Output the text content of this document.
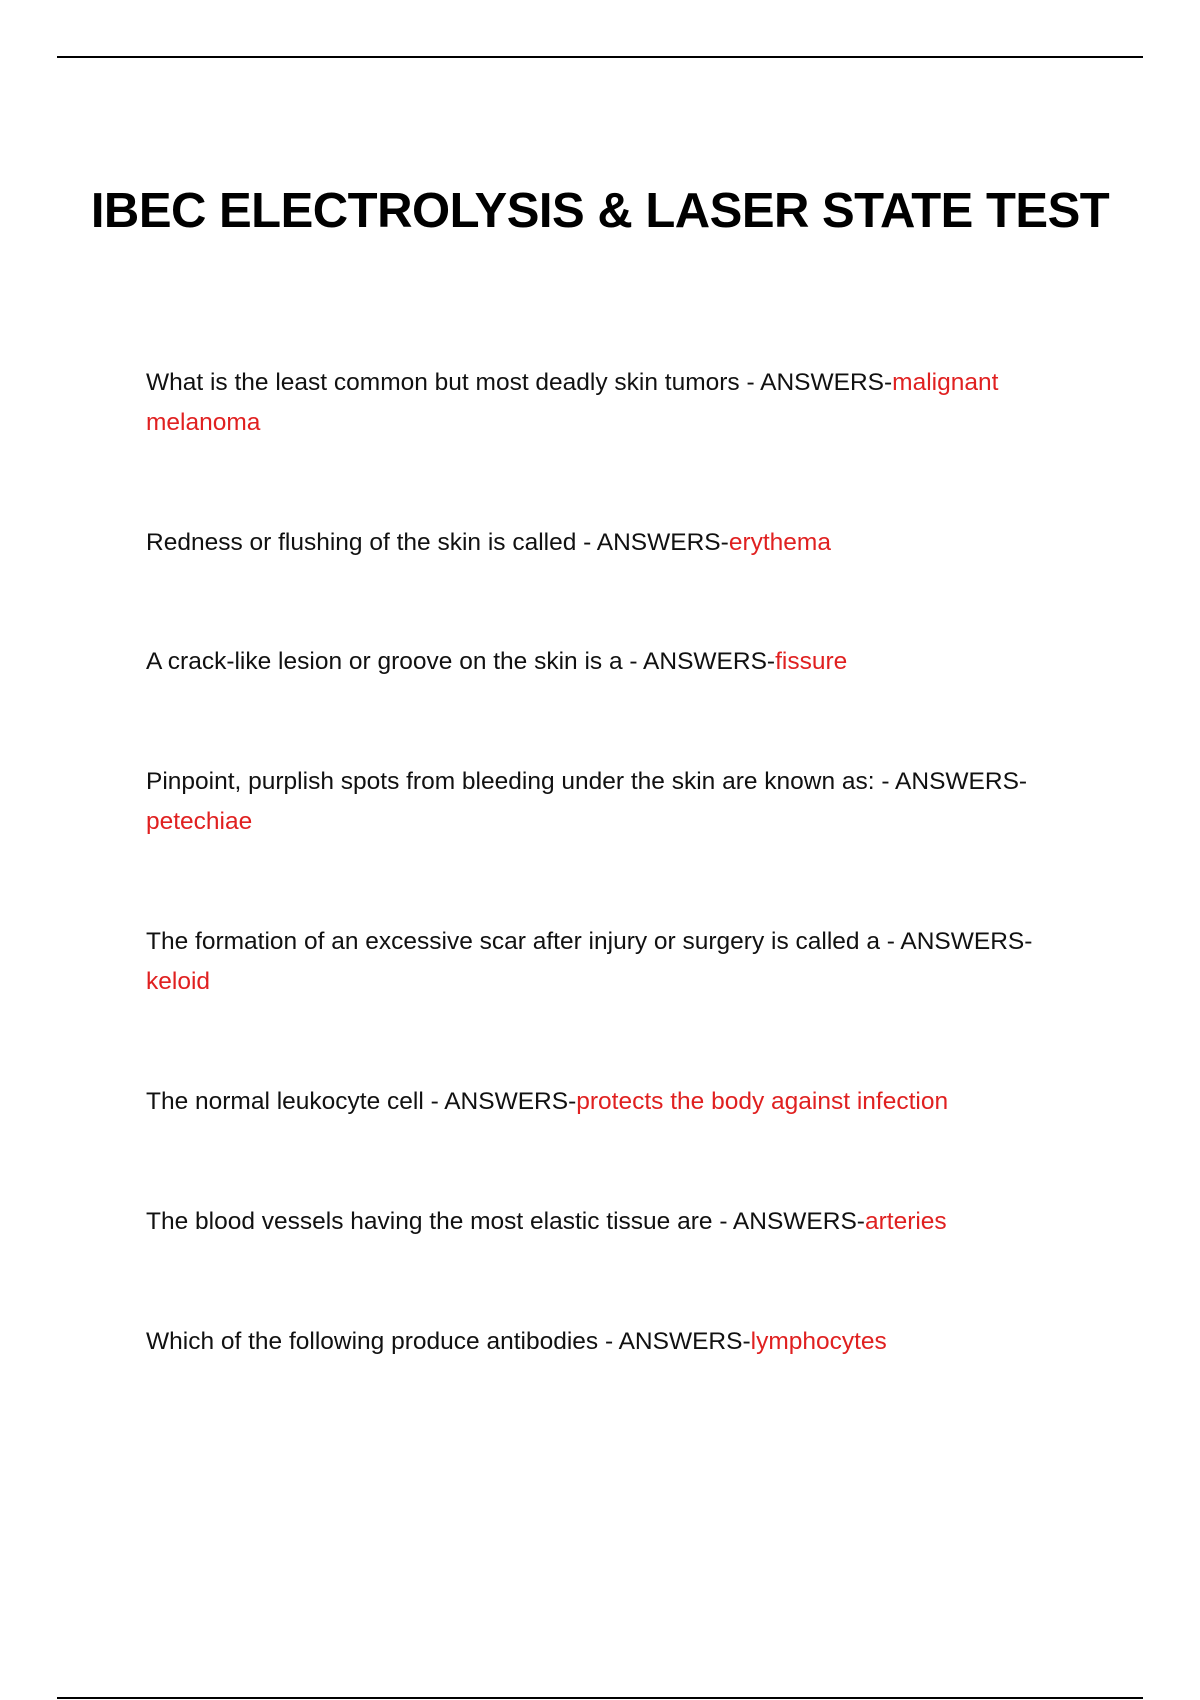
IBEC ELECTROLYSIS & LASER STATE TEST
What is the least common but most deadly skin tumors - ANSWERS-malignant melanoma
Redness or flushing of the skin is called - ANSWERS-erythema
A crack-like lesion or groove on the skin is a - ANSWERS-fissure
Pinpoint, purplish spots from bleeding under the skin are known as: - ANSWERS-petechiae
The formation of an excessive scar after injury or surgery is called a - ANSWERS-keloid
The normal leukocyte cell - ANSWERS-protects the body against infection
The blood vessels having the most elastic tissue are - ANSWERS-arteries
Which of the following produce antibodies - ANSWERS-lymphocytes
